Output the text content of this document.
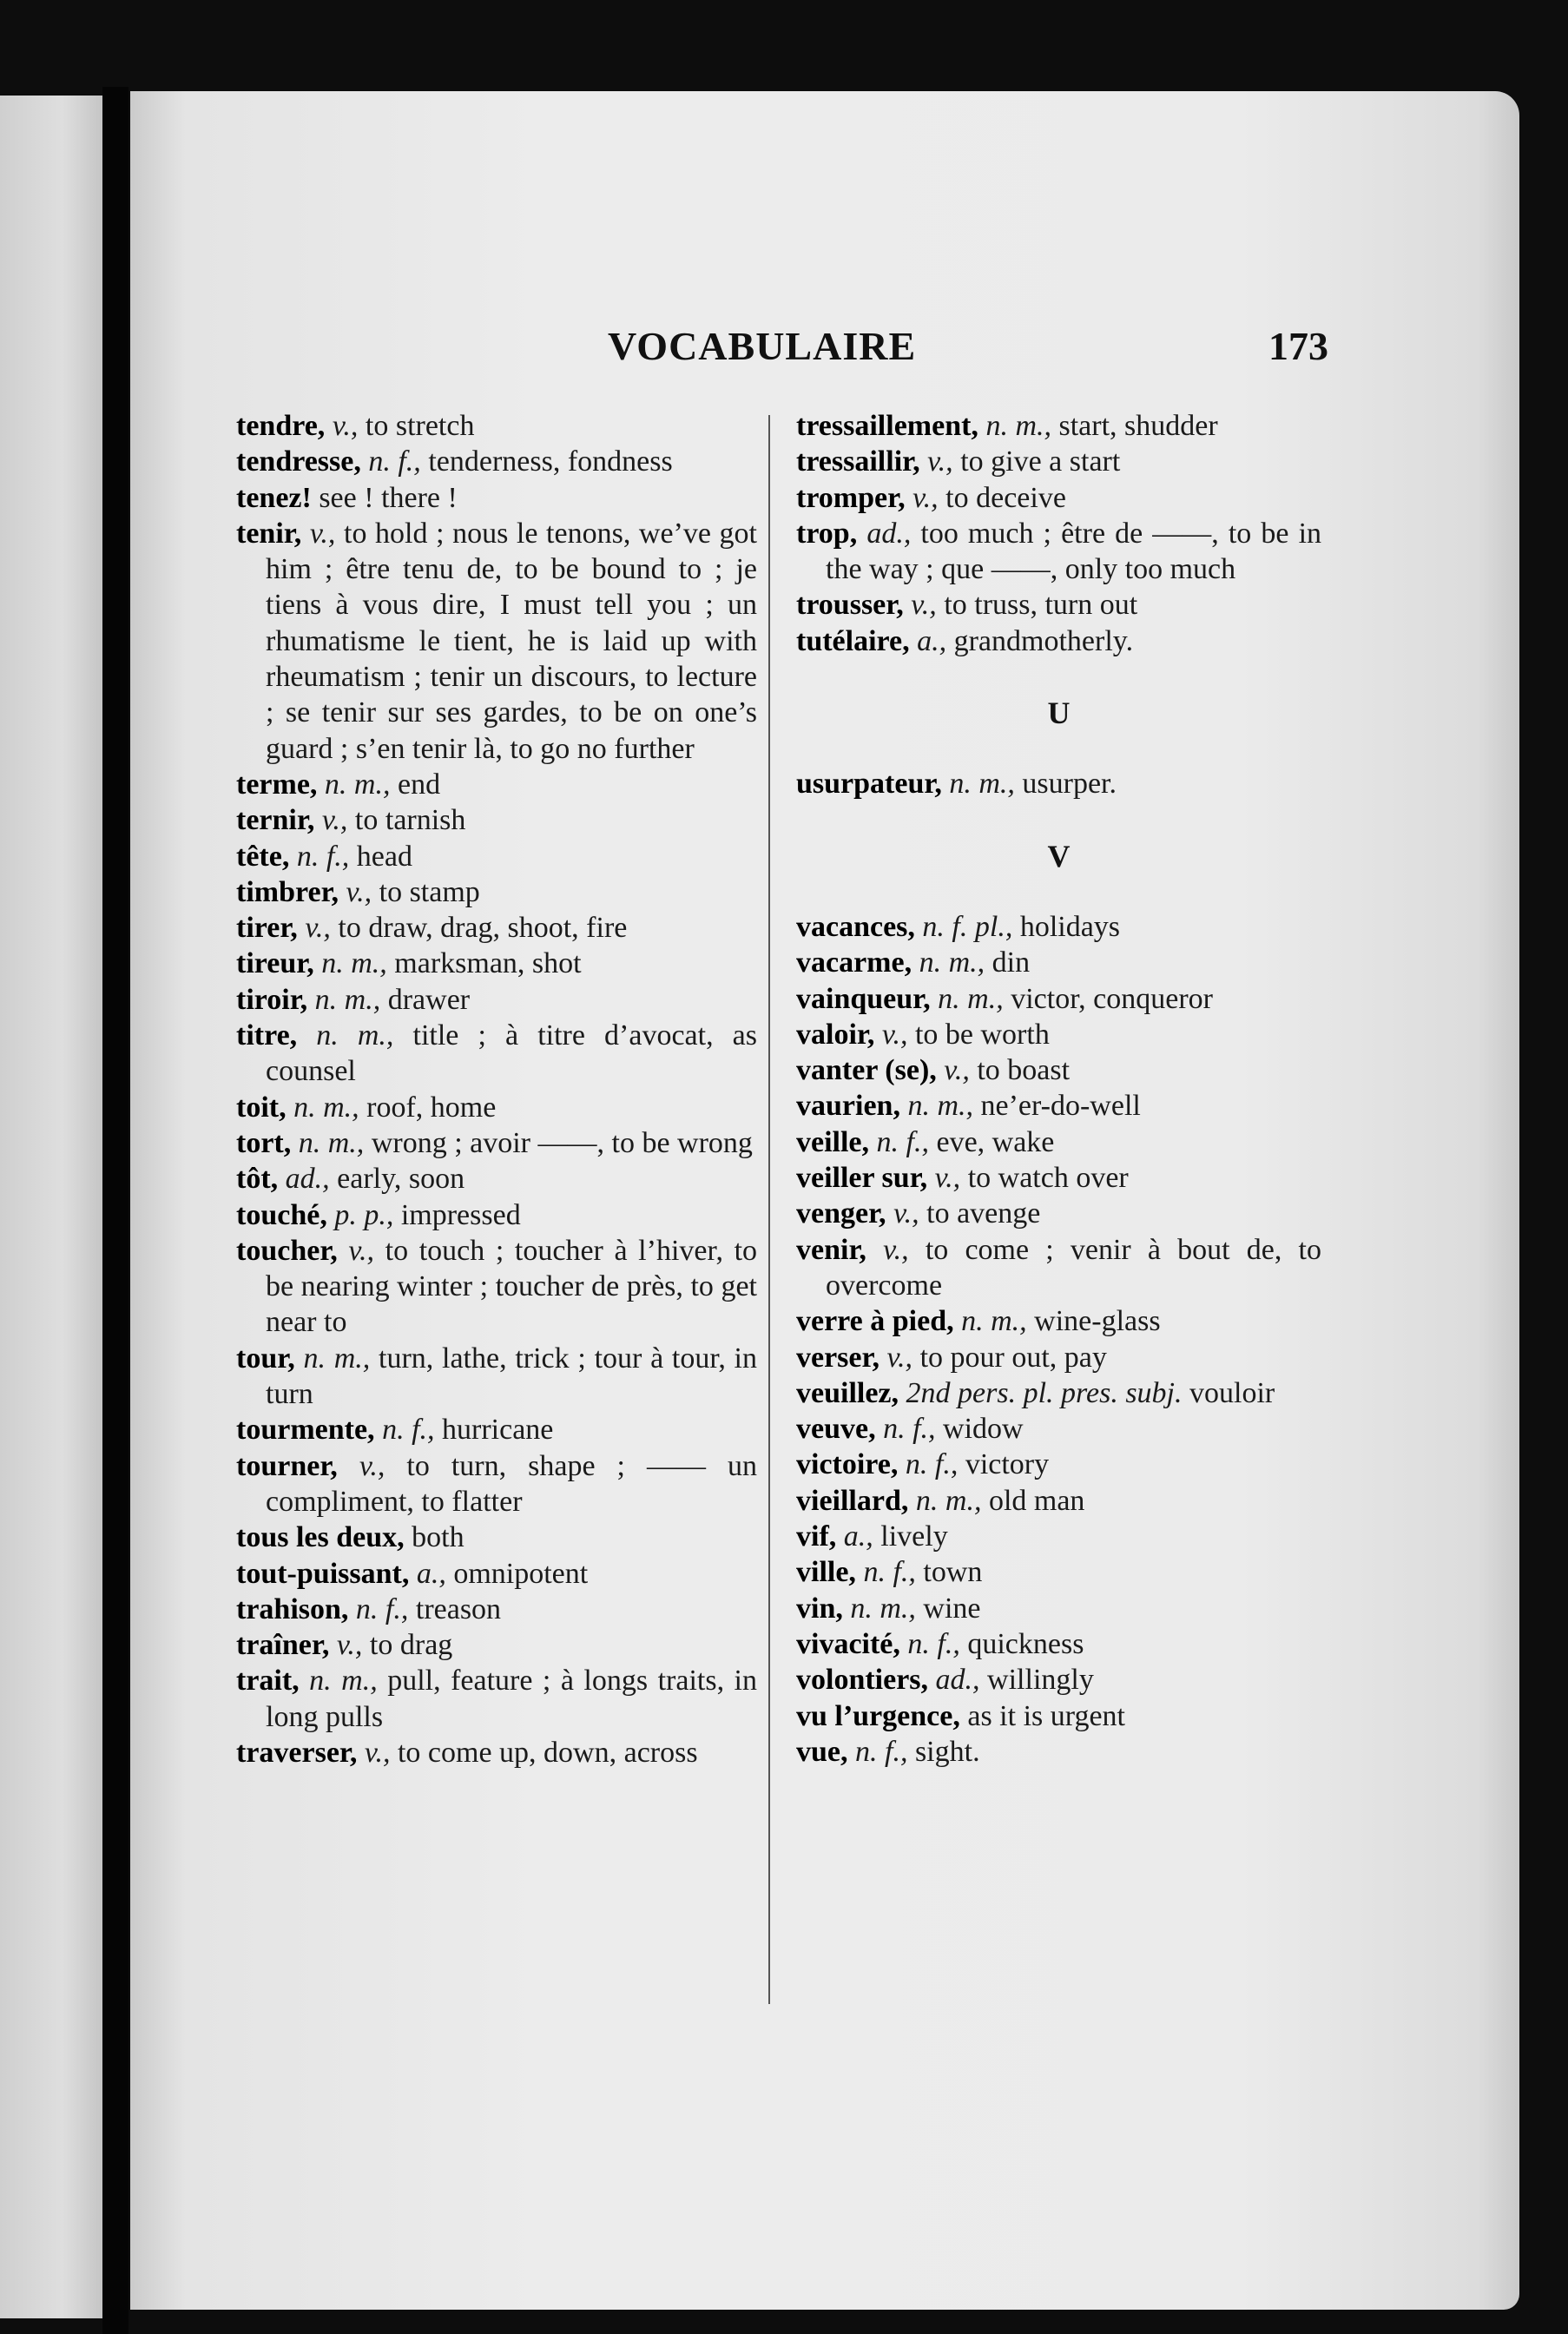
VOCABULAIRE	173

tendre, v., to stretch

tendresse, n. f., tenderness, fondness

tenez! see ! there !

tenir, v., to hold ; nous le tenons, we’ve got him ; être tenu de, to be bound to ; je tiens à vous dire, I must tell you ; un rhumatisme le tient, he is laid up with rheumatism ; tenir un discours, to lecture ; se tenir sur ses gardes, to be on one’s guard ; s’en tenir là, to go no further

terme, n. m., end

ternir, v., to tarnish

tête, n. f., head

timbrer, v., to stamp

tirer, v., to draw, drag, shoot, fire

tireur, n. m., marksman, shot

tiroir, n. m., drawer

titre, n. m., title ; à titre d’avocat, as counsel

toit, n. m., roof, home

tort, n. m., wrong ; avoir ——, to be wrong

tôt, ad., early, soon

touché, p. p., impressed

toucher, v., to touch ; toucher à l’hiver, to be nearing winter ; toucher de près, to get near to

tour, n. m., turn, lathe, trick ; tour à tour, in turn

tourmente, n. f., hurricane

tourner, v., to turn, shape ; —— un compliment, to flatter

tous les deux, both

tout-puissant, a., omnipotent

trahison, n. f., treason

traîner, v., to drag

trait, n. m., pull, feature ; à longs traits, in long pulls

traverser, v., to come up, down, across

tressaillement, n. m., start, shudder

tressaillir, v., to give a start

tromper, v., to deceive

trop, ad., too much ; être de ——, to be in the way ; que ——, only too much

trousser, v., to truss, turn out

tutélaire, a., grandmotherly.

U

usurpateur, n. m., usurper.

V

vacances, n. f. pl., holidays

vacarme, n. m., din

vainqueur, n. m., victor, conqueror

valoir, v., to be worth

vanter (se), v., to boast

vaurien, n. m., ne’er-do-well

veille, n. f., eve, wake

veiller sur, v., to watch over

venger, v., to avenge

venir, v., to come ; venir à bout de, to overcome

verre à pied, n. m., wine-glass

verser, v., to pour out, pay

veuillez, 2nd pers. pl. pres. subj. vouloir

veuve, n. f., widow

victoire, n. f., victory

vieillard, n. m., old man

vif, a., lively

ville, n. f., town

vin, n. m., wine

vivacité, n. f., quickness

volontiers, ad., willingly

vu l’urgence, as it is urgent

vue, n. f., sight.
